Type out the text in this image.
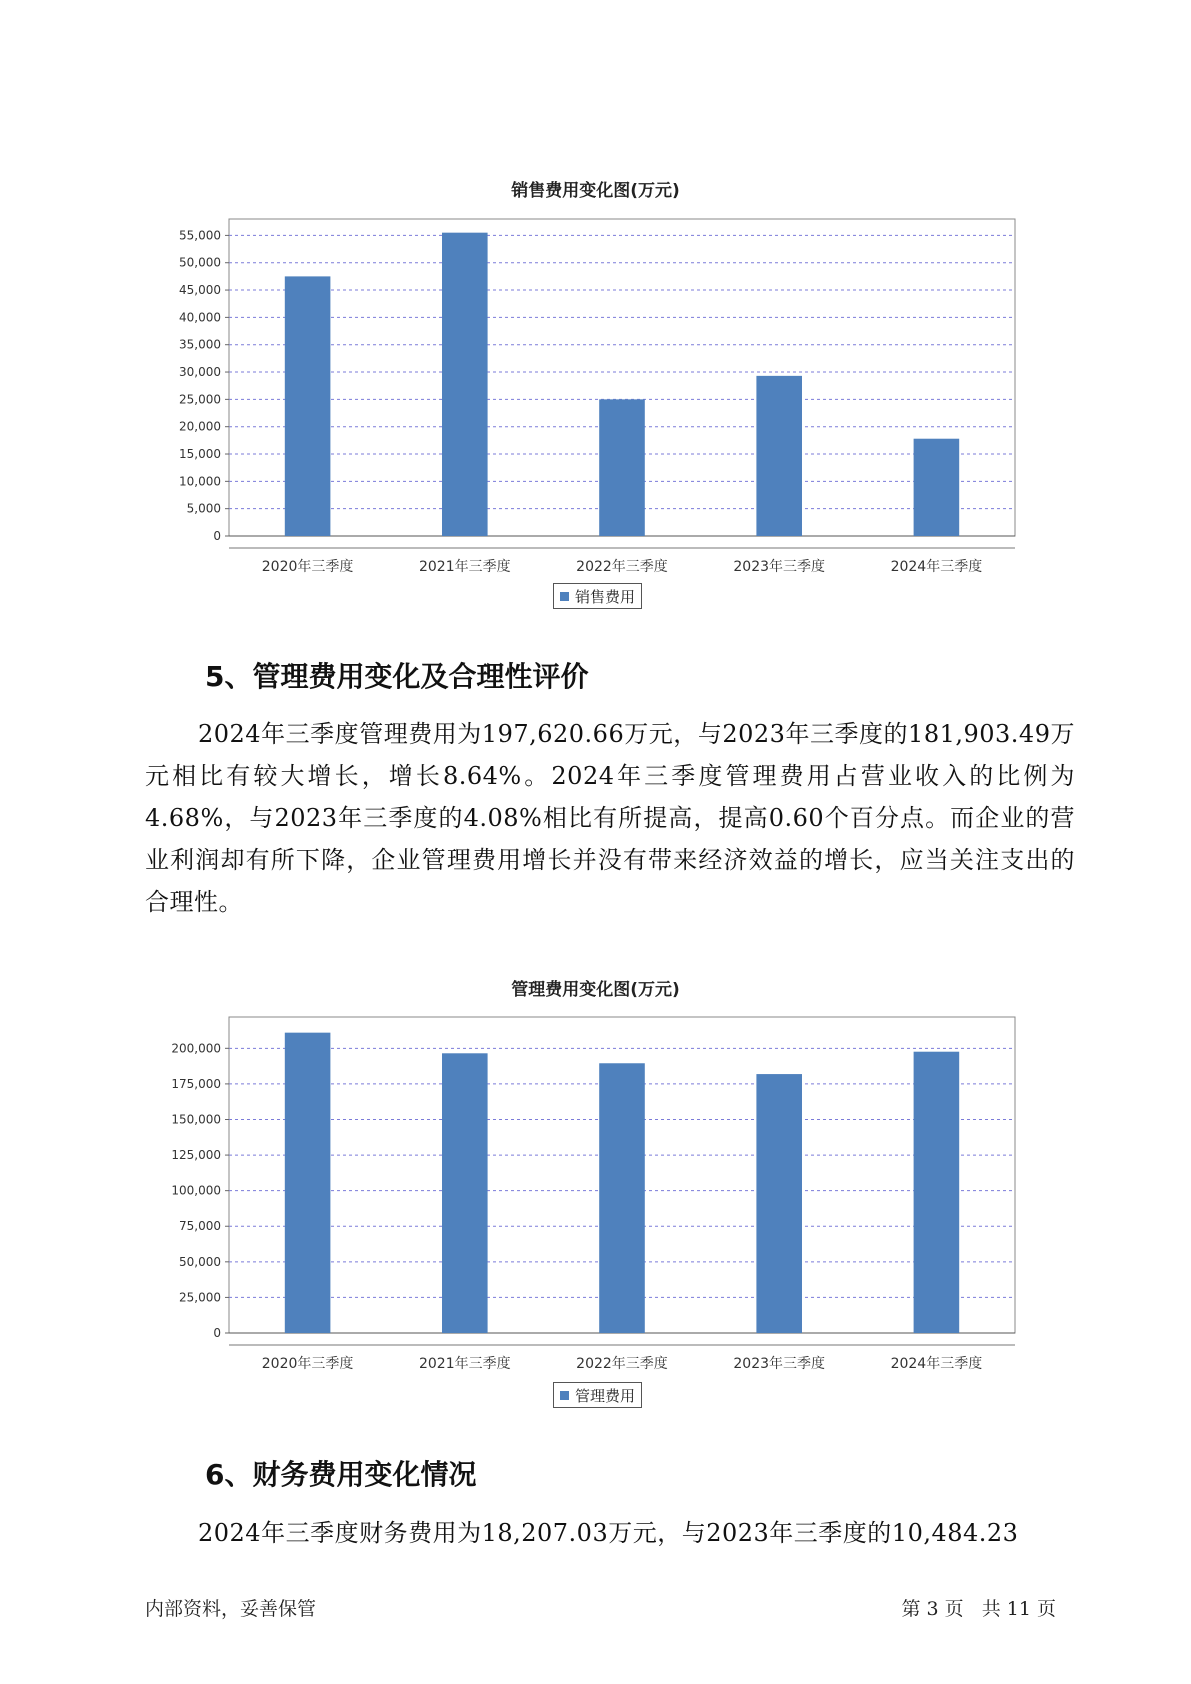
销售费用变化图(万元)
0
5,000
10,000
15,000
20,000
25,000
30,000
35,000
40,000
45,000
50,000
55,000
2020年三季度	2021年三季度	2022年三季度	2023年三季度	2024年三季度
销售费用
5、管理费用变化及合理性评价

2024年三季度管理费用为197,620.66万元，与2023年三季度的181,903.49万元相比有较大增长，增长8.64%。2024年三季度管理费用占营业收入的比例为4.68%，与2023年三季度的4.08%相比有所提高，提高0.60个百分点。而企业的营业利润却有所下降，企业管理费用增长并没有带来经济效益的增长，应当关注支出的合理性。

管理费用变化图(万元)
0
25,000
50,000
75,000
100,000
125,000
150,000
175,000
200,000
2020年三季度	2021年三季度	2022年三季度	2023年三季度	2024年三季度
管理费用
6、财务费用变化情况

2024年三季度财务费用为18,207.03万元，与2023年三季度的10,484.23

内部资料，妥善保管	第 3 页   共 11 页
